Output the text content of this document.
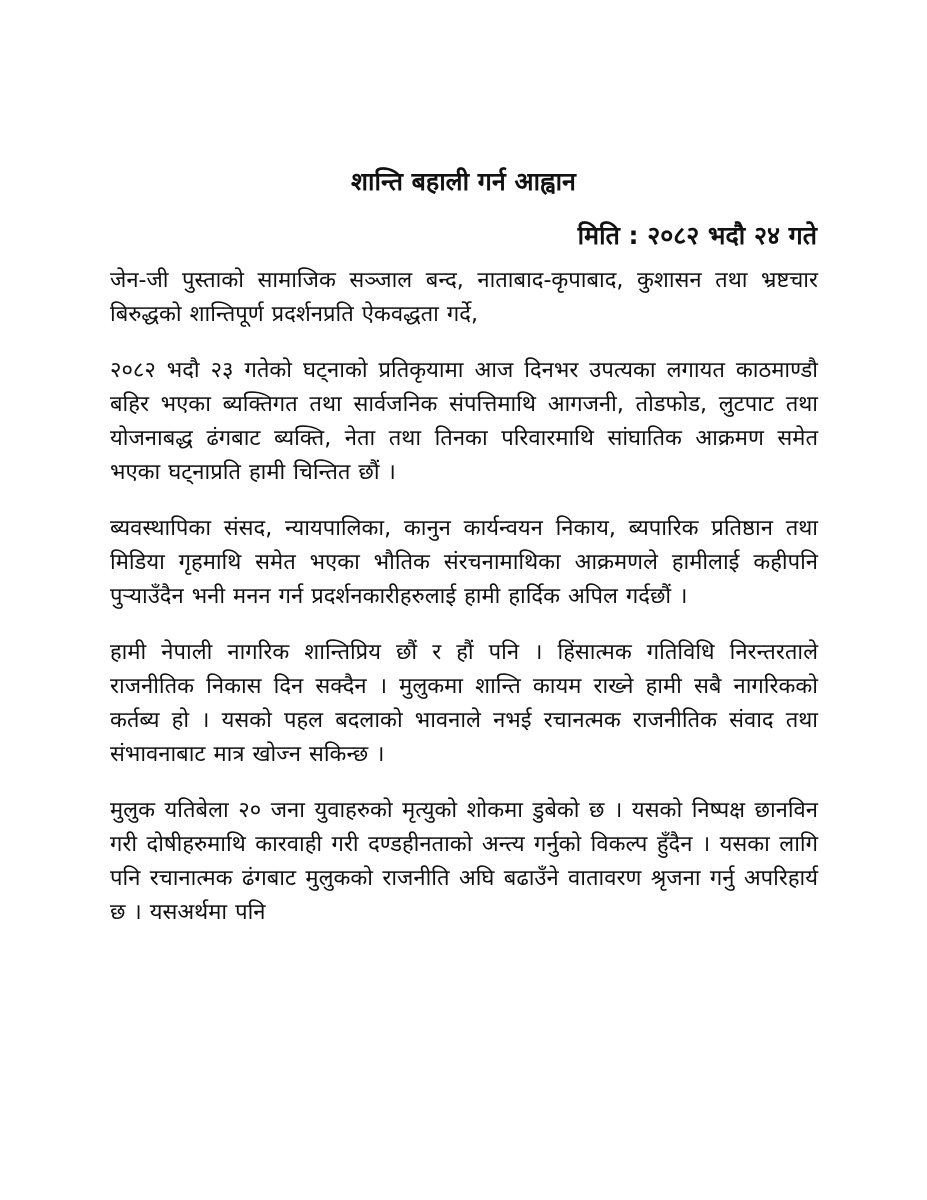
शान्ति बहाली गर्न आह्वान

मिति : २०८२ भदौ २४ गते

जेन-जी पुस्ताको सामाजिक सञ्जाल बन्द, नाताबाद-कृपाबाद, कुशासन तथा भ्रष्टचार बिरुद्धको शान्तिपूर्ण प्रदर्शनप्रति ऐकवद्धता गर्दे,

२०८२ भदौ २३ गतेको घट्नाको प्रतिकृयामा आज दिनभर उपत्यका लगायत काठमाण्डौ बहिर भएका ब्यक्तिगत तथा सार्वजनिक संपत्तिमाथि आगजनी, तोडफोड, लुटपाट तथा योजनाबद्ध ढंगबाट ब्यक्ति, नेता तथा तिनका परिवारमाथि सांघातिक आक्रमण समेत भएका घट्नाप्रति हामी चिन्तित छौं ।

ब्यवस्थापिका संसद, न्यायपालिका, कानुन कार्यन्वयन निकाय, ब्यपारिक प्रतिष्ठान तथा मिडिया गृहमाथि समेत भएका भौतिक संरचनामाथिका आक्रमणले हामीलाई कहीपनि पुऱ्याउँदैन भनी मनन गर्न प्रदर्शनकारीहरुलाई हामी हार्दिक अपिल गर्दछौं ।

हामी नेपाली नागरिक शान्तिप्रिय छौं र हौं पनि । हिंसात्मक गतिविधि निरन्तरताले राजनीतिक निकास दिन सक्दैन । मुलुकमा शान्ति कायम राख्ने हामी सबै नागरिकको कर्तब्य हो । यसको पहल बदलाको भावनाले नभई रचानत्मक राजनीतिक संवाद तथा संभावनाबाट मात्र खोज्न सकिन्छ ।

मुलुक यतिबेला २० जना युवाहरुको मृत्युको शोकमा डुबेको छ । यसको निष्पक्ष छानविन गरी दोषीहरुमाथि कारवाही गरी दण्डहीनताको अन्त्य गर्नुको विकल्प हुँदैन । यसका लागि पनि रचानात्मक ढंगबाट मुलुकको राजनीति अघि बढाउँने वातावरण श्रृजना गर्नु अपरिहार्य छ । यसअर्थमा पनि
